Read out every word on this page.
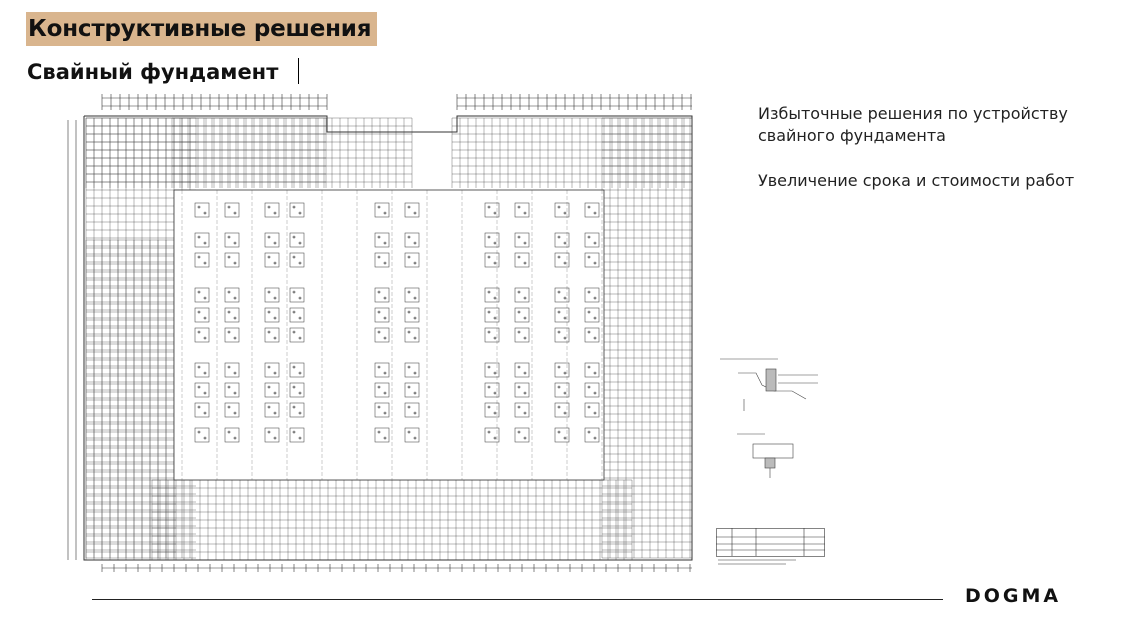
Конструктивные решения
Свайный фундамент

Избыточные решения по устройству свайного фундамента

Увеличение срока и стоимости работ

DOGMA
